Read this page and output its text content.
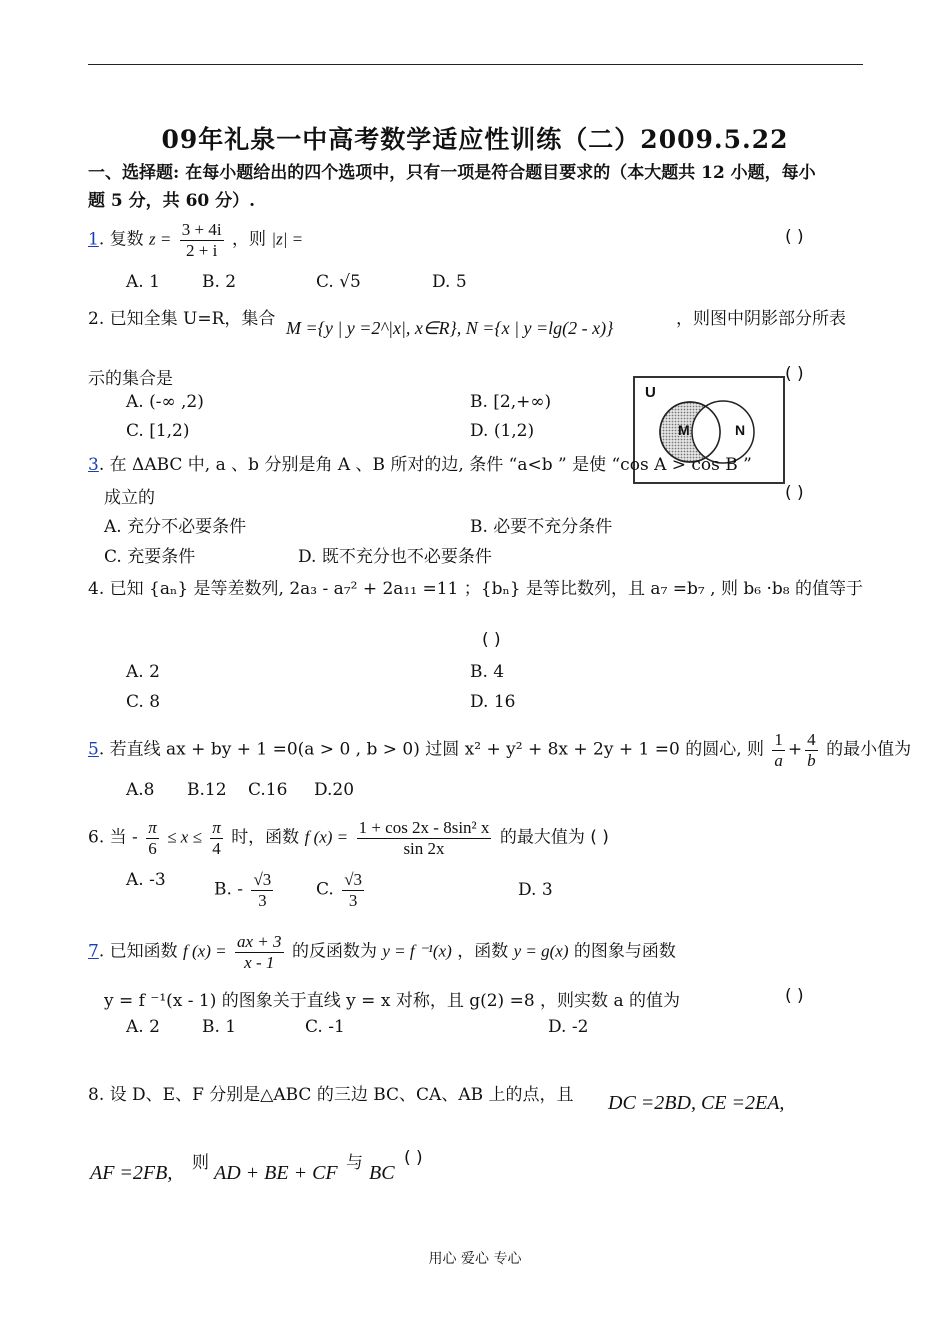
09年礼泉一中高考数学适应性训练（二）2009.5.22
一、选择题: 在每小题给出的四个选项中，只有一项是符合题目要求的（本大题共 12 小题，每小
题 5 分，共 60 分）.
1. 复数 $z = \frac{3 + 4i}{2 + i}$ ，则 |z| =	( )
A. 1 B. 2	C. √5	D. 5
2. 已知全集 U=R，集合 M ={y | y =2^|x|, x∈R}, N ={x | y =lg(2 - x)}	，则图中阴影部分所表
示的集合是	( )
A. (-∞ ,2)	B. [2,+∞)
C. [1,2)	D. (1,2)
U
M	N
3. 在 ΔABC 中, a 、b 分别是角 A 、B 所对的边, 条件 “a<b ” 是使 “cos A > cos B ”
成立的	( )
A. 充分不必要条件	B. 必要不充分条件
C. 充要条件	D. 既不充分也不必要条件
4. 已知 {aₙ} 是等差数列, 2a₃ - a₇² + 2a₁₁ =11 ；{bₙ} 是等比数列，且 a₇ =b₇ , 则 b₆ ·b₈ 的值等于
( )
A. 2	B. 4
C. 8	D. 16
5. 若直线 ax + by + 1 =0(a > 0 , b > 0) 过圆 x² + y² + 8x + 2y + 1 =0 的圆心, 则 $\frac{1}{a} + \frac{4}{b}$ 的最小值为
A.8 B.12 C.16 D.20
6. 当 - $\frac{\pi}{6} \le x \le \frac{\pi}{4}$ 时，函数 f $(x) = \frac{\text{1 + cos 2x - 8sin² x}}{\sin 2x}$ 的最大值为 ( )
A. -3	B. - $\frac{√3}{3}$	C. $\frac{√3}{3}$	D. 3
7. 已知函数 f $(x) = \frac{ax + 3}{x - 1}$ 的反函数为 y = f ⁻¹(x) ，函数 y = g(x) 的图象与函数
y = f ⁻¹(x - 1) 的图象关于直线 y = x 对称，且 g(2) =8 ，则实数 a 的值为	( )
A. 2 B. 1	C. -1	D. -2
8. 设 D、E、F 分别是△ABC 的三边 BC、CA、AB 上的点，且 DC =2BD, CE =2EA,
AF =2FB, 则 AD + BE + CF 与 BC
( )
用心 爱心 专心
